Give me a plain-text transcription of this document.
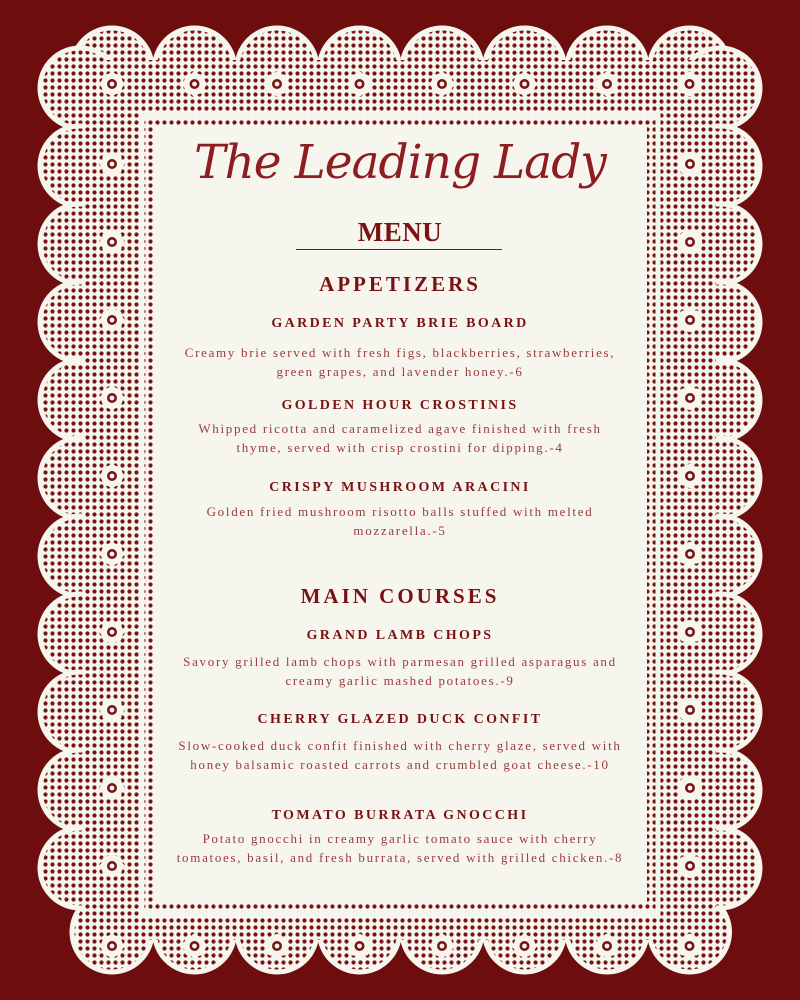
The Leading Lady
MENU
APPETIZERS
GARDEN PARTY BRIE BOARD
Creamy brie served with fresh figs, blackberries, strawberries, green grapes, and lavender honey.-6
GOLDEN HOUR CROSTINIS
Whipped ricotta and caramelized agave finished with fresh thyme, served with crisp crostini for dipping.-4
CRISPY MUSHROOM ARACINI
Golden fried mushroom risotto balls stuffed with melted mozzarella.-5
MAIN COURSES
GRAND LAMB CHOPS
Savory grilled lamb chops with parmesan grilled asparagus and creamy garlic mashed potatoes.-9
CHERRY GLAZED DUCK CONFIT
Slow-cooked duck confit finished with cherry glaze, served with honey balsamic roasted carrots and crumbled goat cheese.-10
TOMATO BURRATA GNOCCHI
Potato gnocchi in creamy garlic tomato sauce with cherry tomatoes, basil, and fresh burrata, served with grilled chicken.-8
